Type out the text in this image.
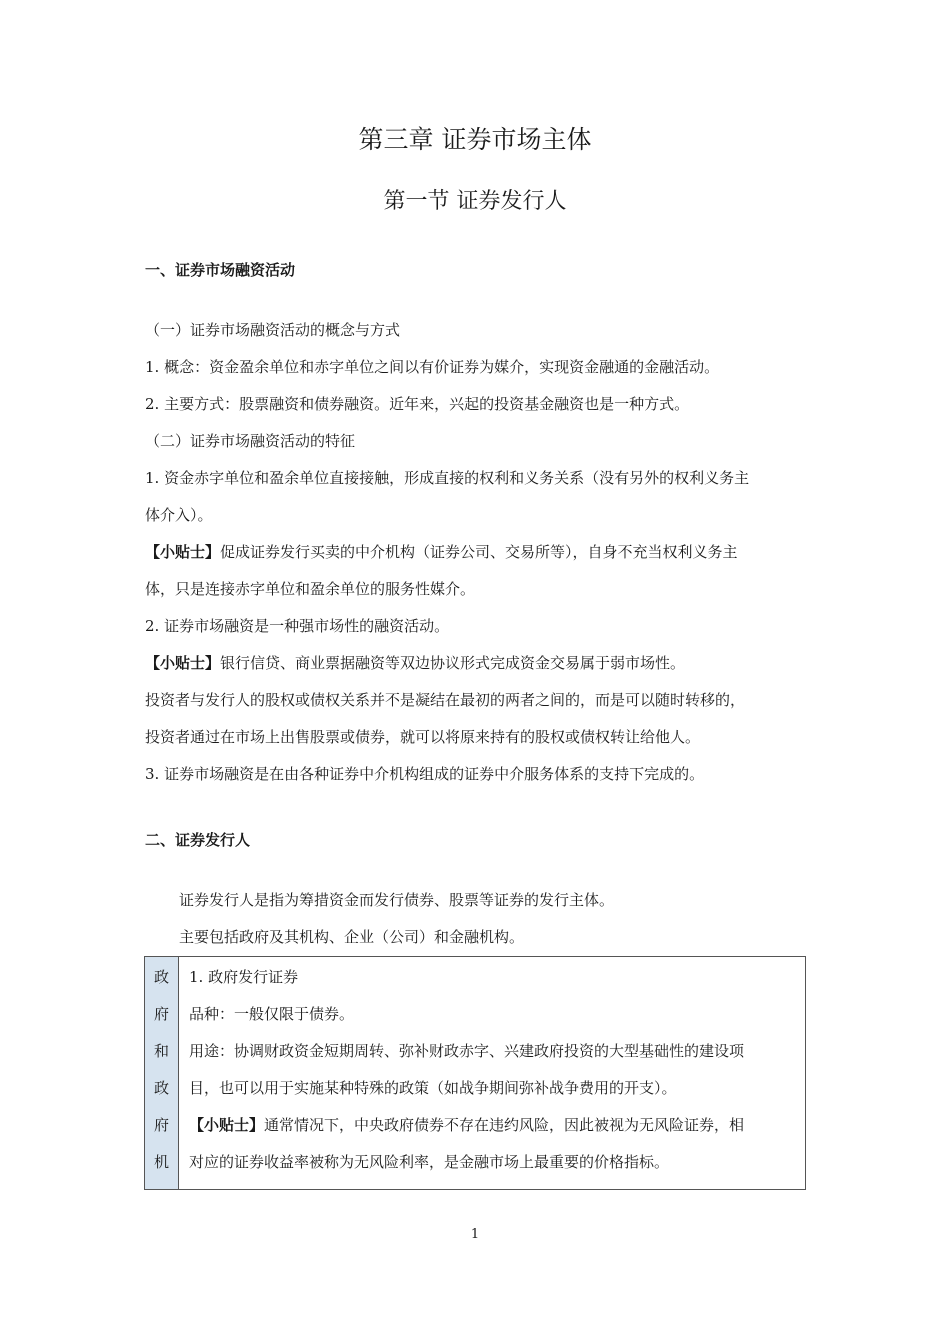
第三章 证券市场主体
第一节 证券发行人
一、证券市场融资活动

（一）证券市场融资活动的概念与方式

1. 概念：资金盈余单位和赤字单位之间以有价证券为媒介，实现资金融通的金融活动。

2. 主要方式：股票融资和债券融资。近年来，兴起的投资基金融资也是一种方式。

（二）证券市场融资活动的特征

1. 资金赤字单位和盈余单位直接接触，形成直接的权利和义务关系（没有另外的权利义务主

体介入）。

【小贴士】促成证券发行买卖的中介机构（证券公司、交易所等），自身不充当权利义务主

体，只是连接赤字单位和盈余单位的服务性媒介。

2. 证券市场融资是一种强市场性的融资活动。

【小贴士】银行信贷、商业票据融资等双边协议形式完成资金交易属于弱市场性。

投资者与发行人的股权或债权关系并不是凝结在最初的两者之间的，而是可以随时转移的，

投资者通过在市场上出售股票或债券，就可以将原来持有的股权或债权转让给他人。

3. 证券市场融资是在由各种证券中介机构组成的证券中介服务体系的支持下完成的。

二、证券发行人

证券发行人是指为筹措资金而发行债券、股票等证券的发行主体。

主要包括政府及其机构、企业（公司）和金融机构。

政
府
和
政
府
机

1. 政府发行证券

品种：一般仅限于债券。

用途：协调财政资金短期周转、弥补财政赤字、兴建政府投资的大型基础性的建设项

目，也可以用于实施某种特殊的政策（如战争期间弥补战争费用的开支）。

【小贴士】通常情况下，中央政府债券不存在违约风险，因此被视为无风险证券，相

对应的证券收益率被称为无风险利率，是金融市场上最重要的价格指标。

1
